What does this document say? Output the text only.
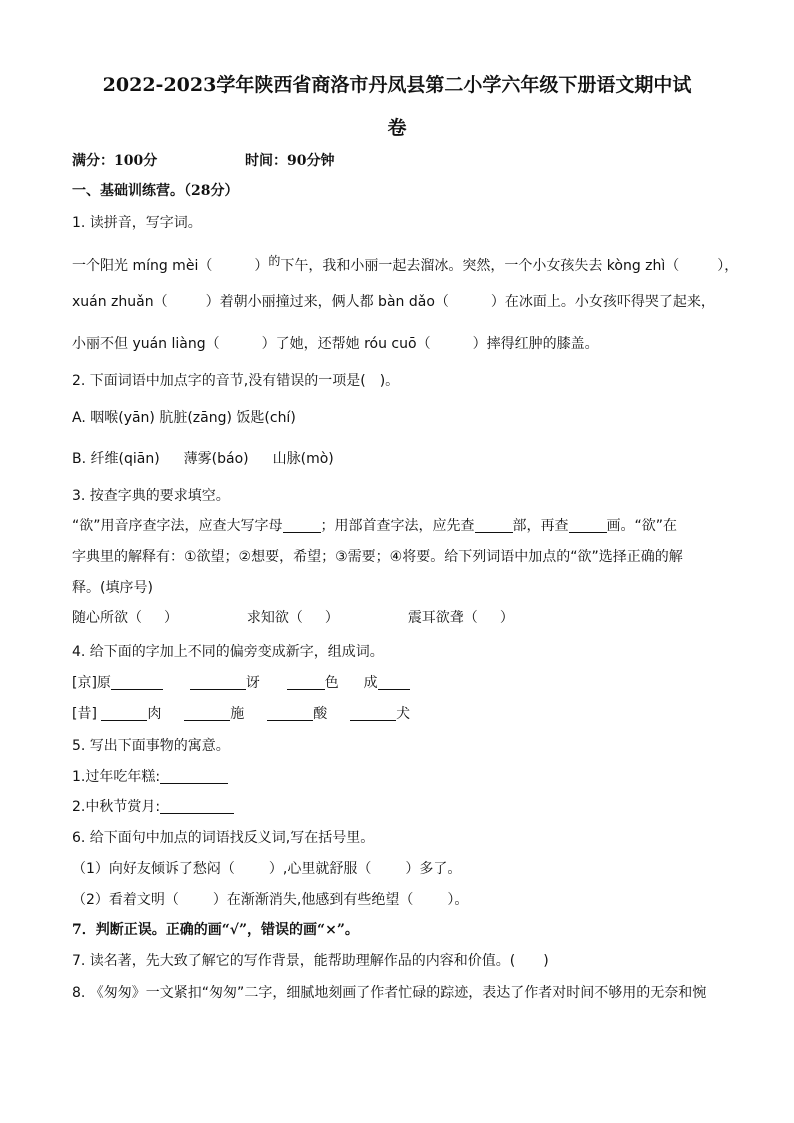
2022-2023学年陕西省商洛市丹凤县第二小学六年级下册语文期中试
卷
满分：100分	时间：90分钟
一、基础训练营。（28分）
1. 读拼音，写字词。
一个阳光 míng mèi（	）的下午，我和小丽一起去溜冰。突然，一个小女孩失去 kòng zhì（	），
xuán zhuǎn（	）着朝小丽撞过来，俩人都 bàn dǎo（	）在冰面上。小女孩吓得哭了起来，
小丽不但 yuán liàng（	）了她，还帮她 róu cuō（	）摔得红肿的膝盖。
2. 下面词语中加点字的音节,没有错误的一项是( )。
A. 咽喉(yān) 肮脏(zāng) 饭匙(chí)
B. 纤维(qiān) 薄雾(báo) 山脉(mò)
3. 按查字典的要求填空。
“欲”用音序查字法，应查大写字母	；用部首查字法，应先查	部，再查	画。“欲”在
字典里的解释有：①欲望；②想要，希望；③需要；④将要。给下列词语中加点的“欲”选择正确的解
释。(填序号)
随心所欲（ ）	求知欲（ ）	震耳欲聋（ ）
4. 给下面的字加上不同的偏旁变成新字，组成词。
[京]原	讶	色 成
[昔]	肉	施	酸	犬
5. 写出下面事物的寓意。
1.过年吃年糕:
2.中秋节赏月:
6. 给下面句中加点的词语找反义词,写在括号里。
（1）向好友倾诉了愁闷（ ）,心里就舒服（ ）多了。
（2）看着文明（ ）在渐渐消失,他感到有些绝望（ ）。
7．判断正误。正确的画“√”，错误的画“×”。
7. 读名著，先大致了解它的写作背景，能帮助理解作品的内容和价值。( )
8. 《匆匆》一文紧扣“匆匆”二字，细腻地刻画了作者忙碌的踪迹，表达了作者对时间不够用的无奈和惋
